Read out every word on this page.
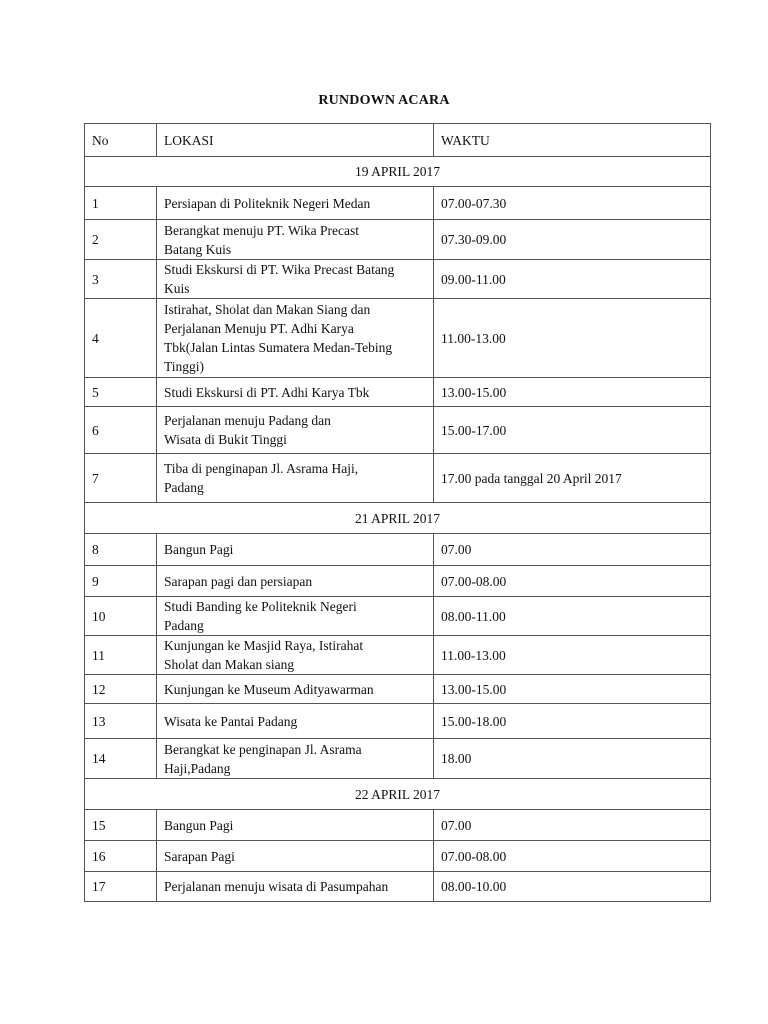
RUNDOWN ACARA
No	LOKASI	WAKTU
19 APRIL 2017		
1	Persiapan di Politeknik Negeri Medan	07.00-07.30
2	Berangkat menuju PT. Wika Precast
Batang Kuis	07.30-09.00
3	Studi Ekskursi di PT. Wika Precast Batang
Kuis	09.00-11.00
4	Istirahat, Sholat dan Makan Siang dan
Perjalanan Menuju PT. Adhi Karya
Tbk(Jalan Lintas Sumatera Medan-Tebing
Tinggi)	11.00-13.00
5	Studi Ekskursi di PT. Adhi Karya Tbk	13.00-15.00
6	Perjalanan menuju Padang dan
Wisata di Bukit Tinggi	15.00-17.00
7	Tiba di penginapan Jl. Asrama Haji,
Padang	17.00 pada tanggal 20 April 2017
21 APRIL 2017		
8	Bangun Pagi	07.00
9	Sarapan pagi dan persiapan	07.00-08.00
10	Studi Banding ke Politeknik Negeri
Padang	08.00-11.00
11	Kunjungan ke Masjid Raya, Istirahat
Sholat dan Makan siang	11.00-13.00
12	Kunjungan ke Museum Adityawarman	13.00-15.00
13	Wisata ke Pantai Padang	15.00-18.00
14	Berangkat ke penginapan Jl. Asrama
Haji,Padang	18.00
22 APRIL 2017		
15	Bangun Pagi	07.00
16	Sarapan Pagi	07.00-08.00
17	Perjalanan menuju wisata di Pasumpahan	08.00-10.00
